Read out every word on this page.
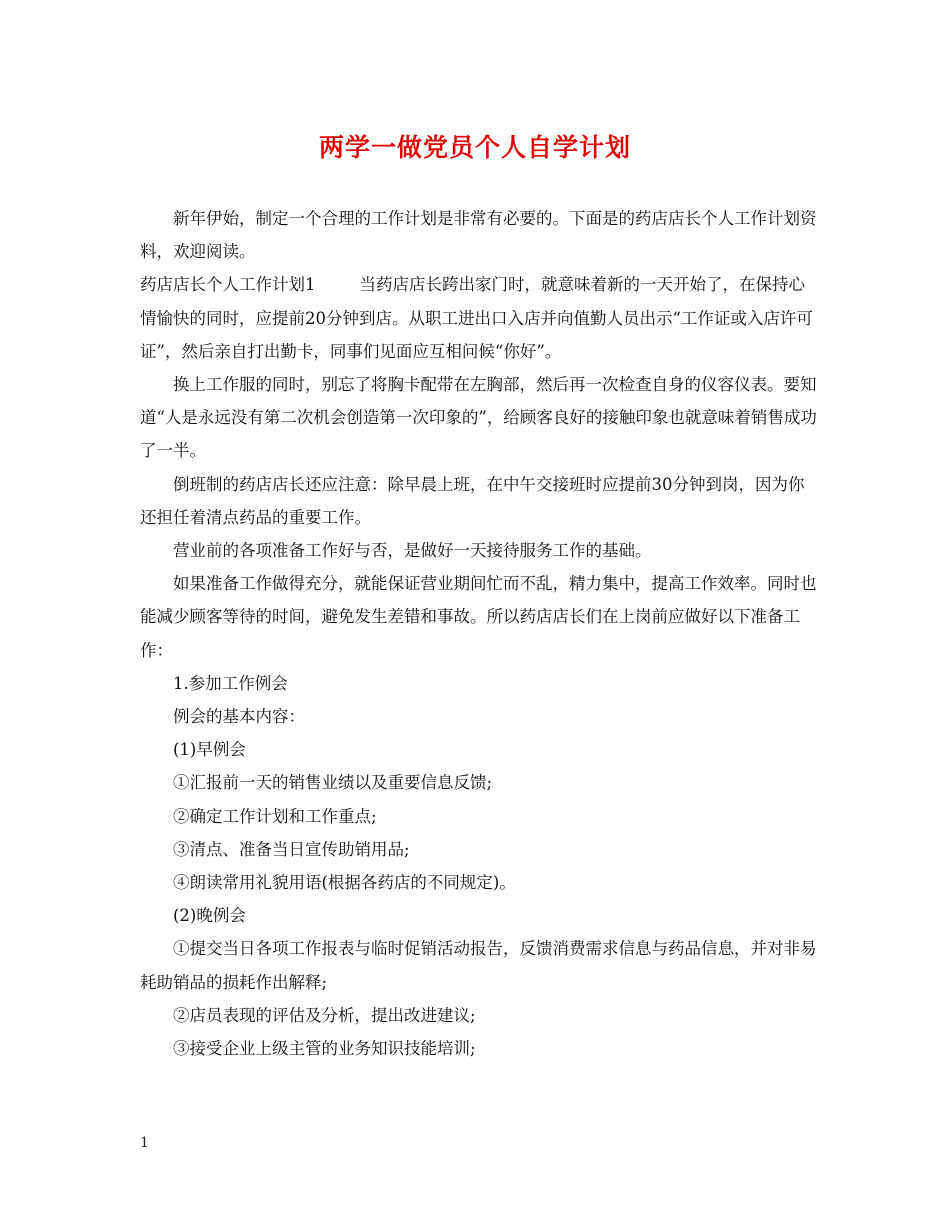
两学一做党员个人自学计划

新年伊始，制定一个合理的工作计划是非常有必要的。下面是的药店店长个人工作计划资料，欢迎阅读。

药店店长个人工作计划1	当药店店长跨出家门时，就意味着新的一天开始了，在保持心情愉快的同时，应提前20分钟到店。从职工进出口入店并向值勤人员出示“工作证或入店许可证”，然后亲自打出勤卡，同事们见面应互相问候“你好”。

换上工作服的同时，别忘了将胸卡配带在左胸部，然后再一次检查自身的仪容仪表。要知道“人是永远没有第二次机会创造第一次印象的”，给顾客良好的接触印象也就意味着销售成功了一半。

倒班制的药店店长还应注意：除早晨上班，在中午交接班时应提前30分钟到岗，因为你还担任着清点药品的重要工作。

营业前的各项准备工作好与否，是做好一天接待服务工作的基础。

如果准备工作做得充分，就能保证营业期间忙而不乱，精力集中，提高工作效率。同时也能减少顾客等待的时间，避免发生差错和事故。所以药店店长们在上岗前应做好以下准备工作：

1.参加工作例会

例会的基本内容：

(1)早例会

①汇报前一天的销售业绩以及重要信息反馈;

②确定工作计划和工作重点;

③清点、准备当日宣传助销用品;

④朗读常用礼貌用语(根据各药店的不同规定)。

(2)晚例会

①提交当日各项工作报表与临时促销活动报告，反馈消费需求信息与药品信息，并对非易耗助销品的损耗作出解释;

②店员表现的评估及分析，提出改进建议;

③接受企业上级主管的业务知识技能培训;

1
